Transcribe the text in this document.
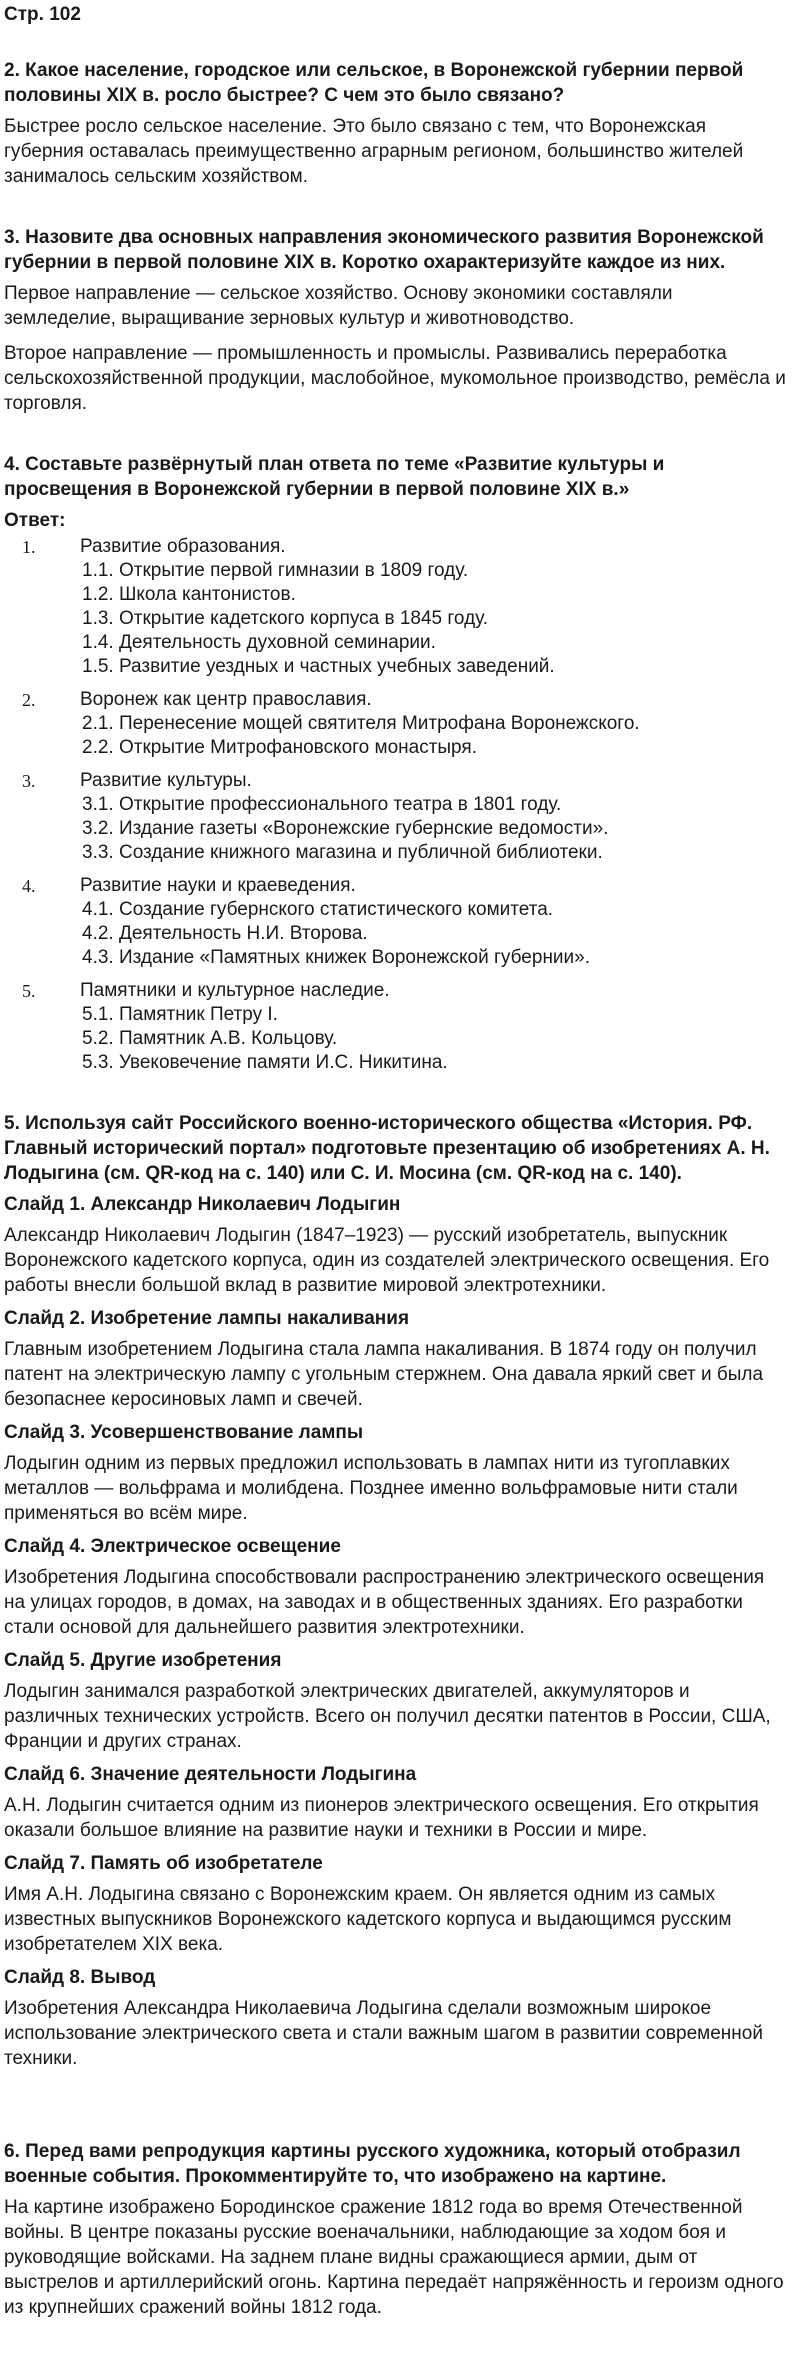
Стр. 102
2. Какое население, городское или сельское, в Воронежской губернии первой половины XIX в. росло быстрее? С чем это было связано?
Быстрее росло сельское население. Это было связано с тем, что Воронежская губерния оставалась преимущественно аграрным регионом, большинство жителей занималось сельским хозяйством.
3. Назовите два основных направления экономического развития Воронежской губернии в первой половине XIX в. Коротко охарактеризуйте каждое из них.
Первое направление — сельское хозяйство. Основу экономики составляли земледелие, выращивание зерновых культур и животноводство.
Второе направление — промышленность и промыслы. Развивались переработка сельскохозяйственной продукции, маслобойное, мукомольное производство, ремёсла и торговля.
4. Составьте развёрнутый план ответа по теме «Развитие культуры и просвещения в Воронежской губернии в первой половине XIX в.»
Ответ:
1.	Развитие образования.
1.1. Открытие первой гимназии в 1809 году.
1.2. Школа кантонистов.
1.3. Открытие кадетского корпуса в 1845 году.
1.4. Деятельность духовной семинарии.
1.5. Развитие уездных и частных учебных заведений.
2.	Воронеж как центр православия.
2.1. Перенесение мощей святителя Митрофана Воронежского.
2.2. Открытие Митрофановского монастыря.
3.	Развитие культуры.
3.1. Открытие профессионального театра в 1801 году.
3.2. Издание газеты «Воронежские губернские ведомости».
3.3. Создание книжного магазина и публичной библиотеки.
4.	Развитие науки и краеведения.
4.1. Создание губернского статистического комитета.
4.2. Деятельность Н.И. Второва.
4.3. Издание «Памятных книжек Воронежской губернии».
5.	Памятники и культурное наследие.
5.1. Памятник Петру I.
5.2. Памятник А.В. Кольцову.
5.3. Увековечение памяти И.С. Никитина.
5. Используя сайт Российского военно-исторического общества «История. РФ. Главный исторический портал» подготовьте презентацию об изобретениях А. Н. Лодыгина (см. QR-код на с. 140) или С. И. Мосина (см. QR-код на с. 140).
Слайд 1. Александр Николаевич Лодыгин
Александр Николаевич Лодыгин (1847–1923) — русский изобретатель, выпускник Воронежского кадетского корпуса, один из создателей электрического освещения. Его работы внесли большой вклад в развитие мировой электротехники.
Слайд 2. Изобретение лампы накаливания
Главным изобретением Лодыгина стала лампа накаливания. В 1874 году он получил патент на электрическую лампу с угольным стержнем. Она давала яркий свет и была безопаснее керосиновых ламп и свечей.
Слайд 3. Усовершенствование лампы
Лодыгин одним из первых предложил использовать в лампах нити из тугоплавких металлов — вольфрама и молибдена. Позднее именно вольфрамовые нити стали применяться во всём мире.
Слайд 4. Электрическое освещение
Изобретения Лодыгина способствовали распространению электрического освещения на улицах городов, в домах, на заводах и в общественных зданиях. Его разработки стали основой для дальнейшего развития электротехники.
Слайд 5. Другие изобретения
Лодыгин занимался разработкой электрических двигателей, аккумуляторов и различных технических устройств. Всего он получил десятки патентов в России, США, Франции и других странах.
Слайд 6. Значение деятельности Лодыгина
А.Н. Лодыгин считается одним из пионеров электрического освещения. Его открытия оказали большое влияние на развитие науки и техники в России и мире.
Слайд 7. Память об изобретателе
Имя А.Н. Лодыгина связано с Воронежским краем. Он является одним из самых известных выпускников Воронежского кадетского корпуса и выдающимся русским изобретателем XIX века.
Слайд 8. Вывод
Изобретения Александра Николаевича Лодыгина сделали возможным широкое использование электрического света и стали важным шагом в развитии современной техники.
6. Перед вами репродукция картины русского художника, который отобразил военные события. Прокомментируйте то, что изображено на картине.
На картине изображено Бородинское сражение 1812 года во время Отечественной войны. В центре показаны русские военачальники, наблюдающие за ходом боя и руководящие войсками. На заднем плане видны сражающиеся армии, дым от выстрелов и артиллерийский огонь. Картина передаёт напряжённость и героизм одного из крупнейших сражений войны 1812 года.
